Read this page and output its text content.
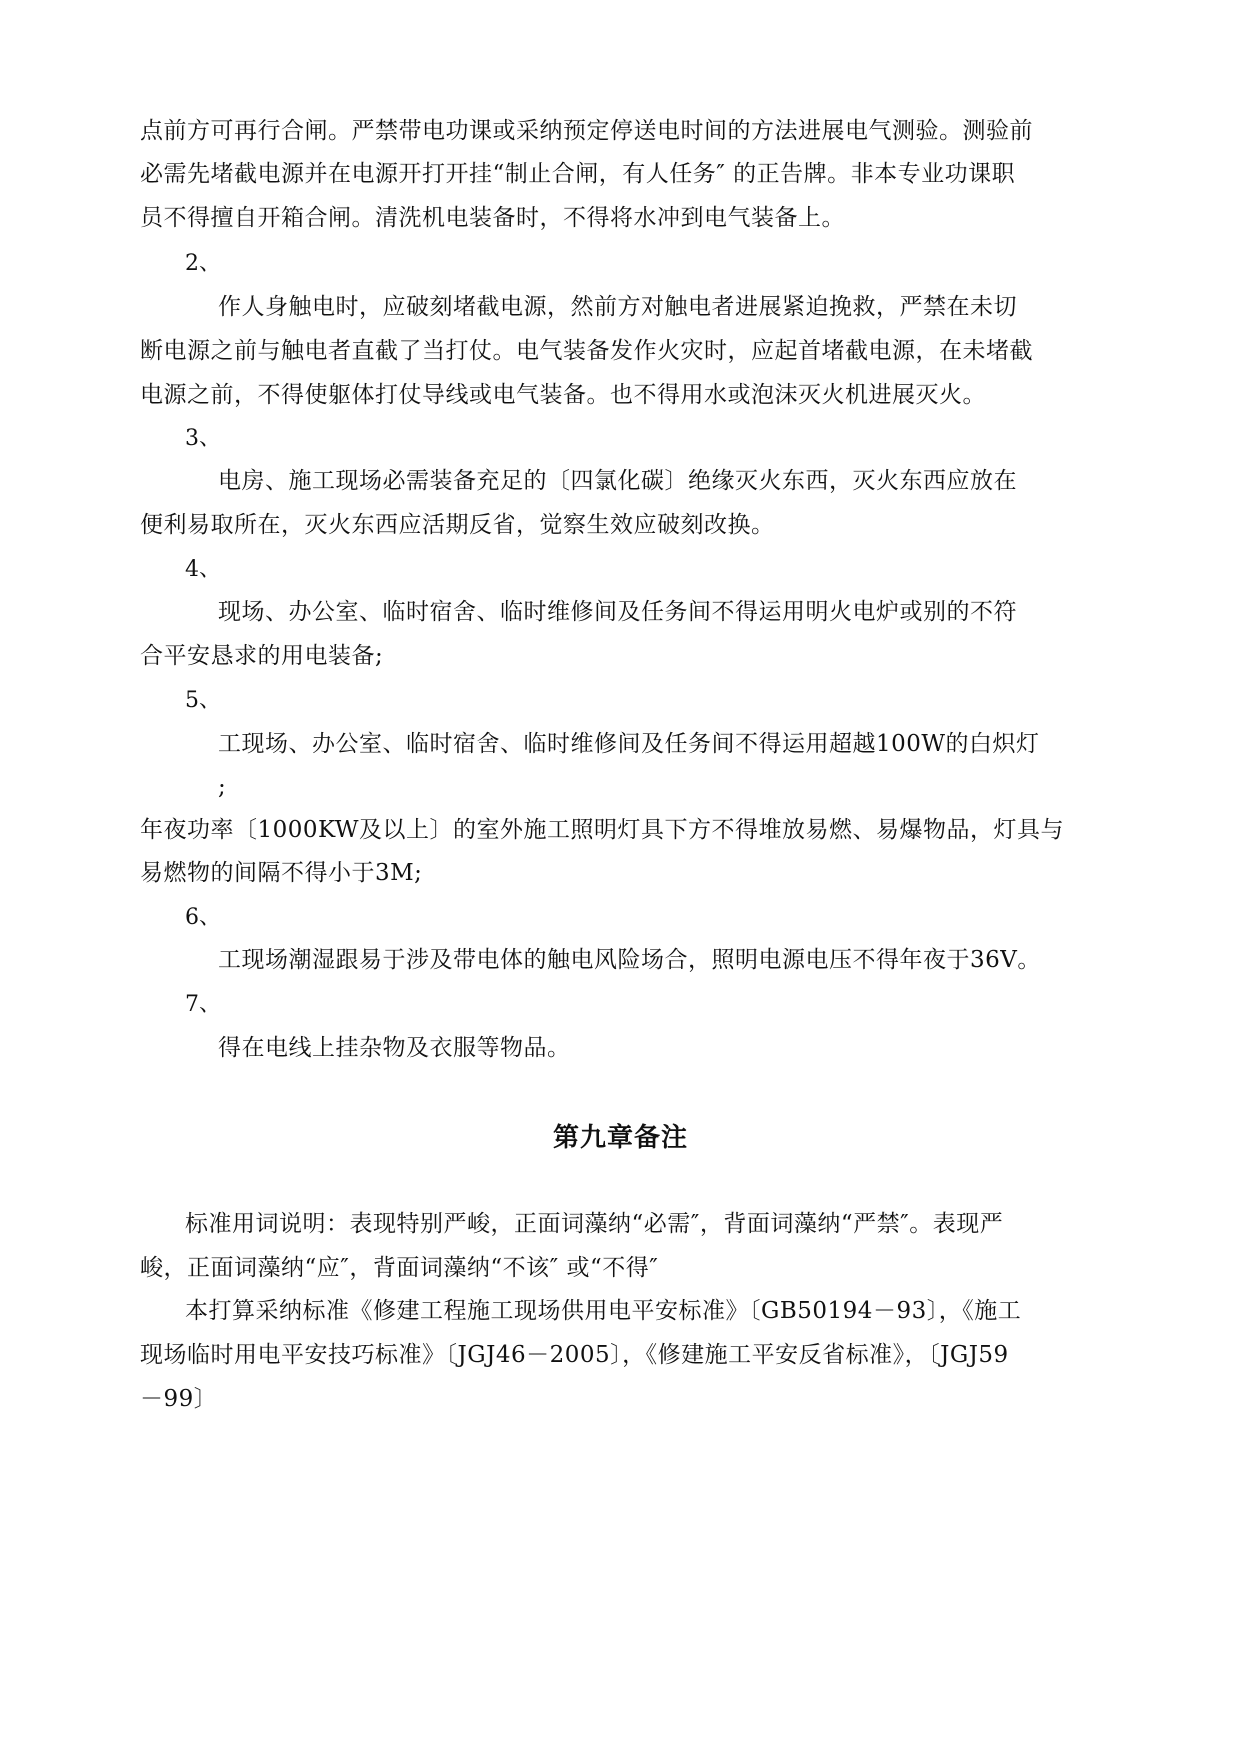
点前方可再行合闸。严禁带电功课或采纳预定停送电时间的方法进展电气测验。测验前
必需先堵截电源并在电源开打开挂“制止合闸，有人任务″ 的正告牌。非本专业功课职
员不得擅自开箱合闸。清洗机电装备时，不得将水冲到电气装备上。
2、
作人身触电时，应破刻堵截电源，然前方对触电者进展紧迫挽救，严禁在未切
断电源之前与触电者直截了当打仗。电气装备发作火灾时，应起首堵截电源，在未堵截
电源之前，不得使躯体打仗导线或电气装备。也不得用水或泡沫灭火机进展灭火。
3、
电房、施工现场必需装备充足的〔四氯化碳〕绝缘灭火东西，灭火东西应放在
便利易取所在，灭火东西应活期反省，觉察生效应破刻改换。
4、
现场、办公室、临时宿舍、临时维修间及任务间不得运用明火电炉或别的不符
合平安恳求的用电装备;
5、
工现场、办公室、临时宿舍、临时维修间及任务间不得运用超越100W的白炽灯
;
年夜功率〔1000KW及以上〕的室外施工照明灯具下方不得堆放易燃、易爆物品，灯具与
易燃物的间隔不得小于3M;
6、
工现场潮湿跟易于涉及带电体的触电风险场合，照明电源电压不得年夜于36V。
7、
得在电线上挂杂物及衣服等物品。
第九章备注
标准用词说明：表现特别严峻，正面词藻纳“必需″，背面词藻纳“严禁″。表现严
峻，正面词藻纳“应″，背面词藻纳“不该″ 或“不得″
本打算采纳标准《修建工程施工现场供用电平安标准》〔GB50194－93〕，《施工
现场临时用电平安技巧标准》〔JGJ46－2005〕，《修建施工平安反省标准》，〔JGJ59
－99〕
